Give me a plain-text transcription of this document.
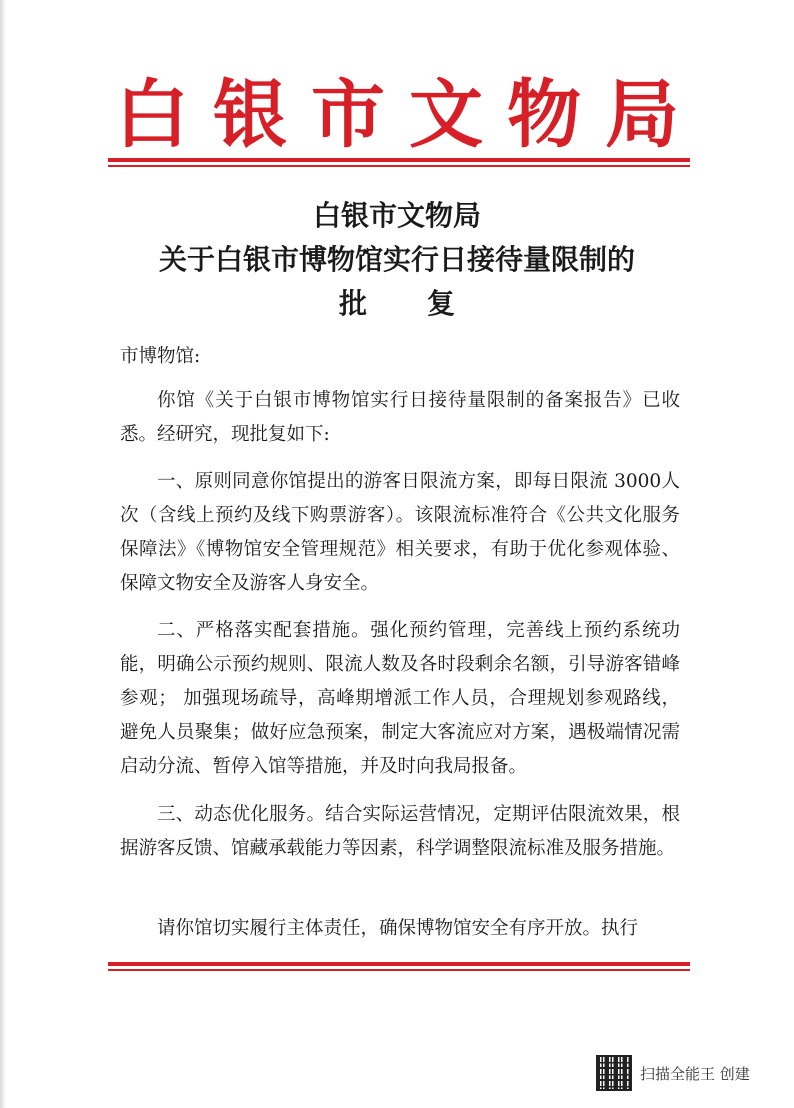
白银市文物局
白银市文物局
关于白银市博物馆实行日接待量限制的
批复
市博物馆:

你馆《关于白银市博物馆实行日接待量限制的备案报告》已收悉。经研究，现批复如下:

一、原则同意你馆提出的游客日限流方案，即每日限流 3000人次（含线上预约及线下购票游客）。该限流标准符合《公共文化服务保障法》《博物馆安全管理规范》相关要求，有助于优化参观体验、保障文物安全及游客人身安全。

二、严格落实配套措施。强化预约管理，完善线上预约系统功能，明确公示预约规则、限流人数及各时段剩余名额，引导游客错峰参观； 加强现场疏导，高峰期增派工作人员，合理规划参观路线，避免人员聚集；做好应急预案，制定大客流应对方案，遇极端情况需启动分流、暂停入馆等措施，并及时向我局报备。

三、动态优化服务。结合实际运营情况，定期评估限流效果，根据游客反馈、馆藏承载能力等因素，科学调整限流标准及服务措施。

请你馆切实履行主体责任，确保博物馆安全有序开放。执行

扫描全能王 创建
